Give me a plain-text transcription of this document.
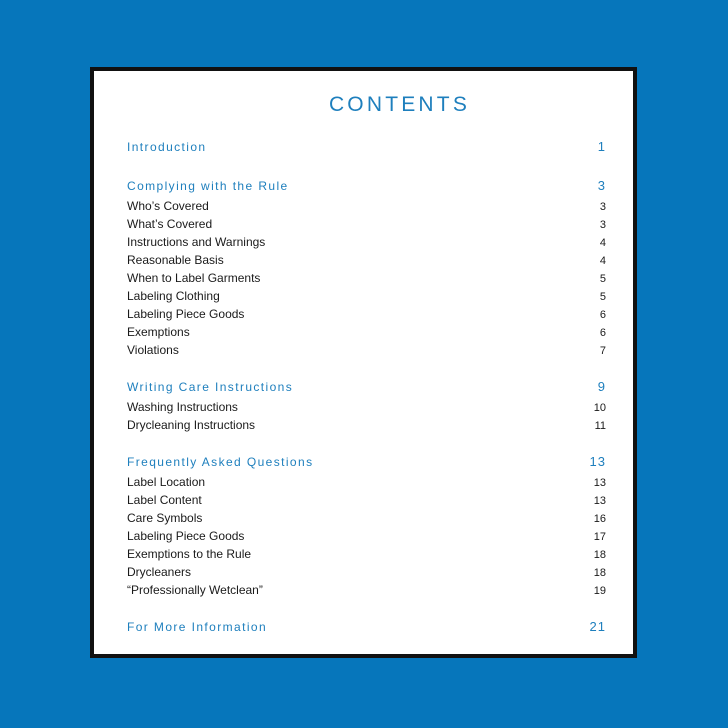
CONTENTS
Introduction	1
Complying with the Rule	3
Who’s Covered	3
What’s Covered	3
Instructions and Warnings	4
Reasonable Basis	4
When to Label Garments	5
Labeling Clothing	5
Labeling Piece Goods	6
Exemptions	6
Violations	7
Writing Care Instructions	9
Washing Instructions	10
Drycleaning Instructions	11
Frequently Asked Questions	13
Label Location	13
Label Content	13
Care Symbols	16
Labeling Piece Goods	17
Exemptions to the Rule	18
Drycleaners	18
“Professionally Wetclean”	19
For More Information	21
